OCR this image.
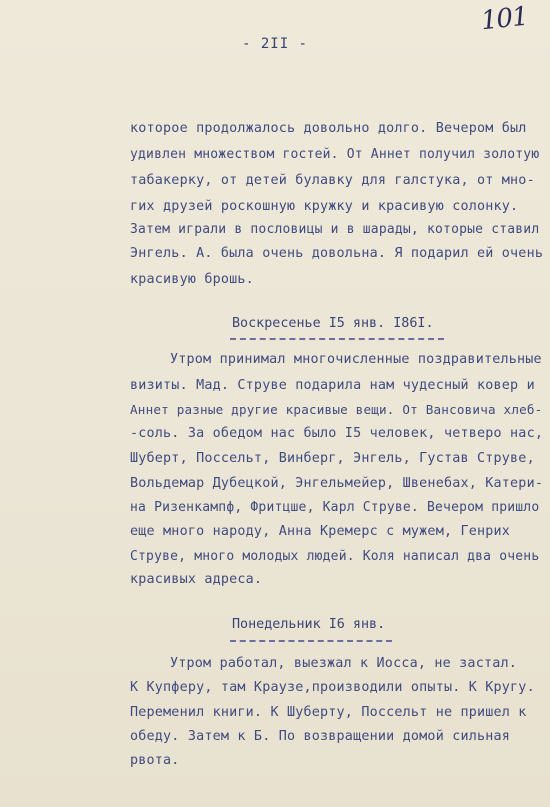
101
- 2II -
которое продолжалось довольно долго. Вечером был
удивлен множеством гостей. От Аннет получил золотую
табакерку, от детей булавку для галстука, от мно-
гих друзей роскошную кружку и красивую солонку.
Затем играли в пословицы и в шарады, которые ставил
Энгель. А. была очень довольна. Я подарил ей очень
красивую брошь.
Воскресенье І5 янв. І86І.
Утром принимал многочисленные поздравительные
визиты. Мад. Струве подарила нам чудесный ковер и
Аннет разные другие красивые вещи. От Вансовича хлеб-
-соль. За обедом нас было І5 человек, четверо нас,
Шуберт, Поссельт, Винберг, Энгель, Густав Струве,
Вольдемар Дубецкой, Энгельмейер, Швенебах, Катери-
на Ризенкампф, Фритцше, Карл Струве. Вечером пришло
еще много народу, Анна Кремерс с мужем, Генрих
Струве, много молодых людей. Коля написал два очень
красивых адреса.
Понедельник І6 янв.
Утром работал, выезжал к Иосса, не застал.
К Купферу, там Краузе,производили опыты. К Кругу.
Переменил книги. К Шуберту, Поссельт не пришел к
обеду. Затем к Б. По возвращении домой сильная
рвота.
